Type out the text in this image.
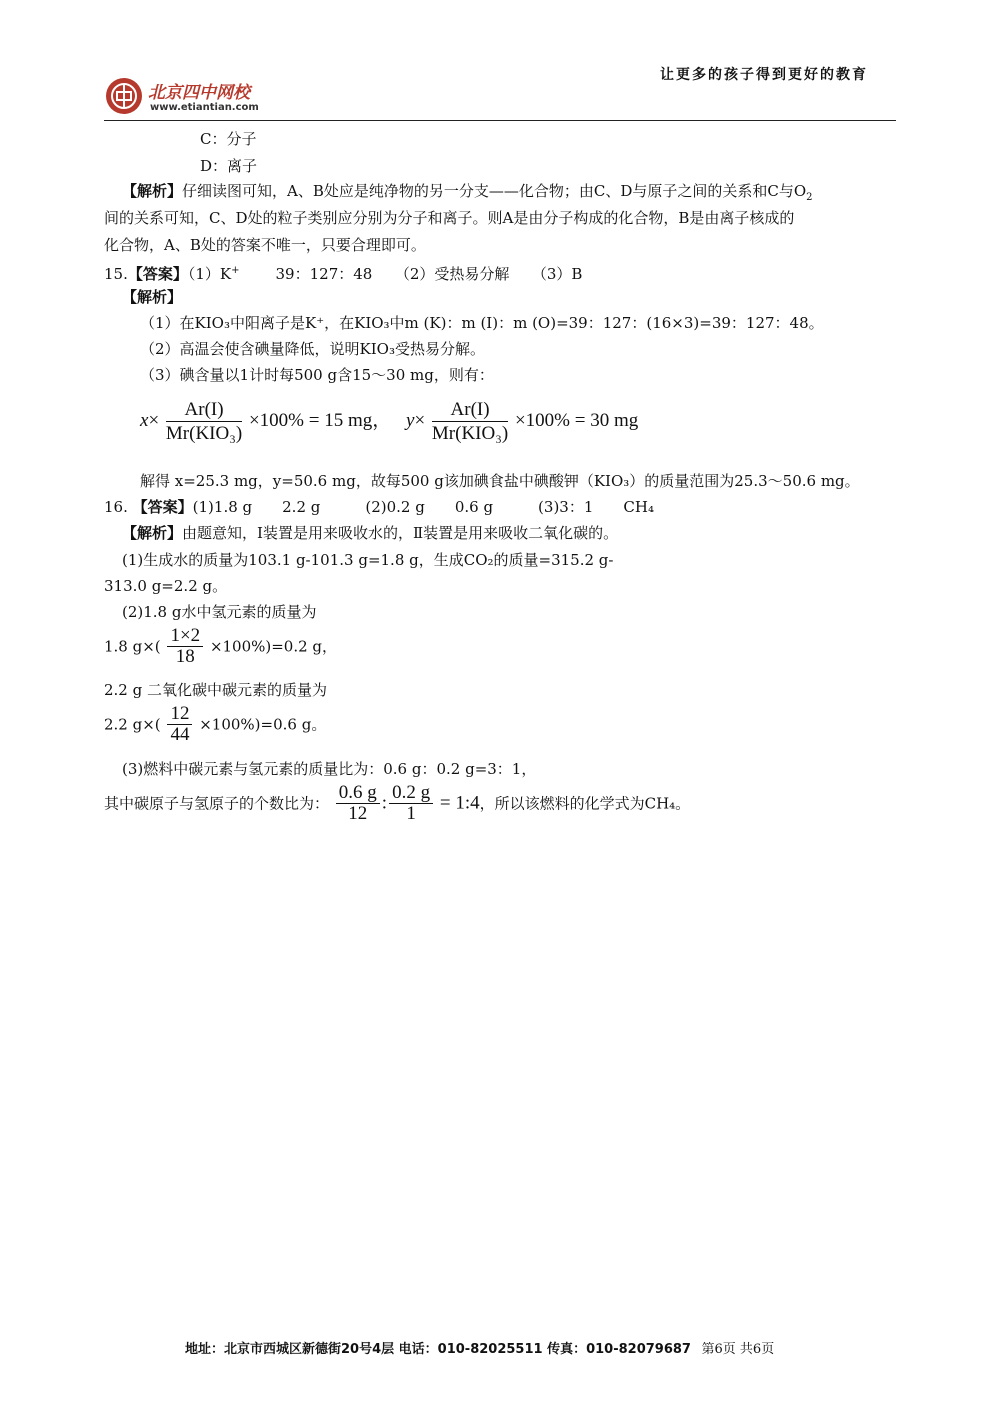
让更多的孩子得到更好的教育
北京四中网校
www.etiantian.com
C：分子
D：离子
【解析】仔细读图可知，A、B处应是纯净物的另一分支——化合物；由C、D与原子之间的关系和C与$O_2$
间的关系可知，C、D处的粒子类别应分别为分子和离子。则A是由分子构成的化合物，B是由离子核成的
化合物，A、B处的答案不唯一，只要合理即可。
15.【答案】（1）K+ 39：127：48　　（2）受热易分解　　（3）B
【解析】
（1）在KIO₃中阳离子是K⁺，在KIO₃中m (K)：m (I)：m (O)=39：127：(16×3)=39：127：48。
（2）高温会使含碘量降低，说明KIO₃受热易分解。
（3）碘含量以1计时每500 g含15～30 mg，则有：
$x\times \frac{Ar(I)}{\text{Mr(KIO₃)}} \times 100\% = 15$ mg， $y\times \frac{Ar(I)}{\text{Mr(KIO₃)}} \times 100\% = 30$ mg
解得 x=25.3 mg，y=50.6 mg，故每500 g该加碘食盐中碘酸钾（KIO₃）的质量范围为25.3～50.6 mg。
16. 【答案】(1)1.8 g　　2.2 g　　　(2)0.2 g　　0.6 g　　　(3)3：1　　CH₄
【解析】由题意知，Ⅰ装置是用来吸收水的，Ⅱ装置是用来吸收二氧化碳的。
(1)生成水的质量为103.1 g-101.3 g=1.8 g，生成CO₂的质量=315.2 g-
313.0 g=2.2 g。
(2)1.8 g水中氢元素的质量为
1.8 $g\times( \frac{1\times 2}{18} \times 100\%)=0.2$ g，
2.2 g 二氧化碳中碳元素的质量为
2.2 $g\times( \frac{12}{44} \times 100\%)=0.6$ g。
(3)燃料中碳元素与氢元素的质量比为：0.6 g：0.2 g=3：1，
其中碳原子与氢原子的个数比为： $\frac{0.6 g}{12}$ : $\frac{0.2 g}{1}$ = 1:4，所以该燃料的化学式为CH₄。
地址：北京市西城区新德街20号4层 电话：010-82025511 传真：010-82079687 第6页 共6页
